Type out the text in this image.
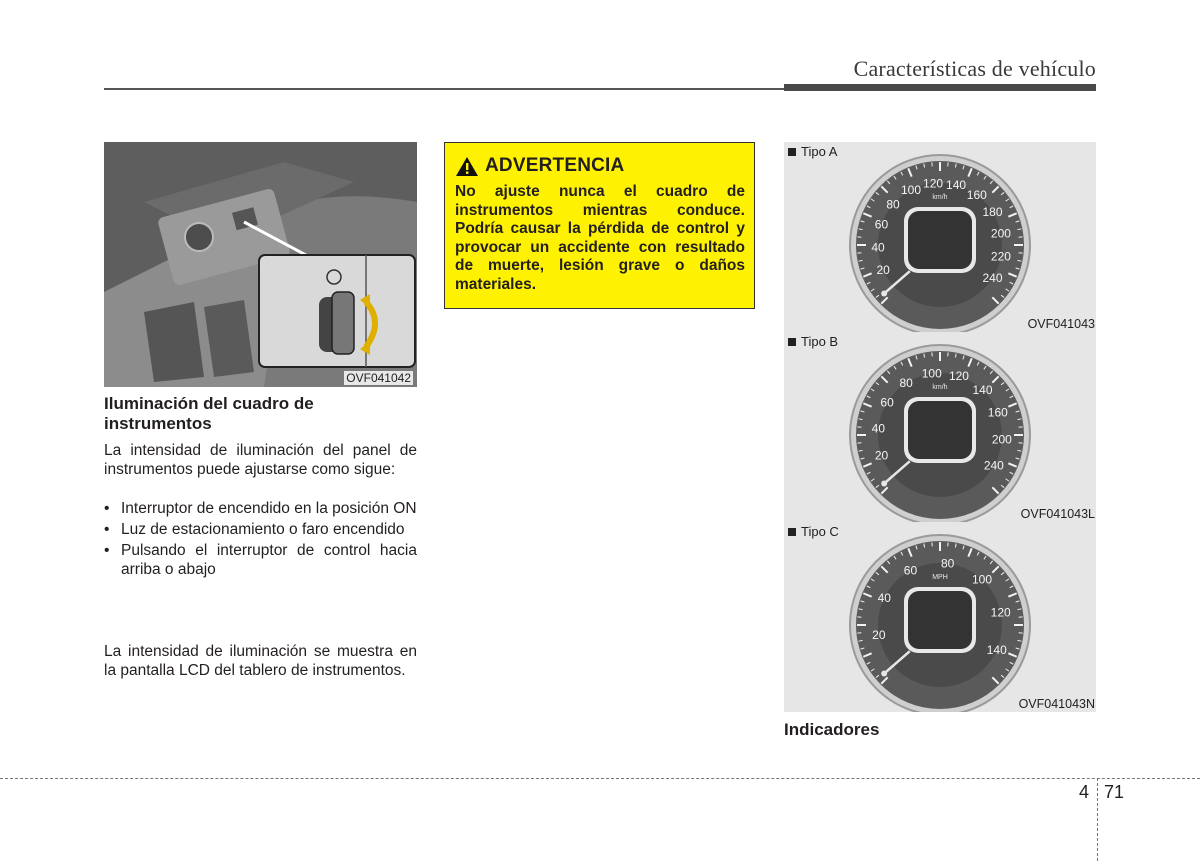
Características de vehículo
OVF041042
Iluminación del cuadro de instrumentos
La intensidad de iluminación del panel de instrumentos puede ajustarse como sigue:
• Interruptor de encendido en la posición ON
• Luz de estacionamiento o faro encendido
• Pulsando el interruptor de control hacia arriba o abajo
La intensidad de iluminación se muestra en la pantalla LCD del tablero de instrumentos.
ADVERTENCIA
No ajuste nunca el cuadro de instrumentos mientras conduce. Podría causar la pérdida de control y provocar un accidente con resultado de muerte, lesión grave o daños materiales.
20
40
60
80
100 120 140
160
180
200
220
240
km/h
Tipo A
OVF041043
20
40
60
80
100 120
140
160
200
240
km/h
Tipo B
OVF041043L
20
40
60 80
100
120
140
MPH
Tipo C
OVF041043N
Indicadores
4 71
